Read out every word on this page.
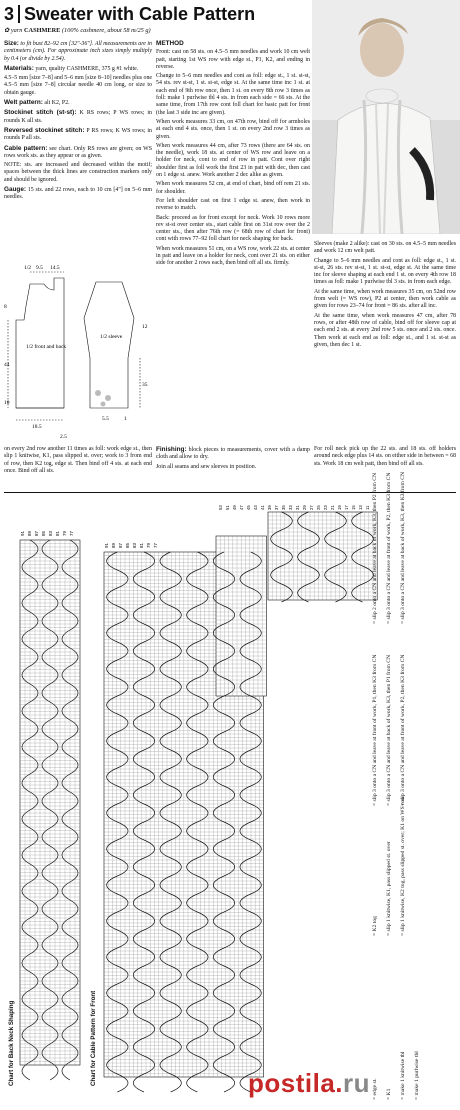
3 Sweater with Cable Pattern
✿ yarn CASHMERE (100% cashmere, about 58 m/25 g)

Size: to fit bust 82–92 cm [32"-36"]. All measurements are in centimeters (cm). For approximate inch sizes simply multiply by 0.4 (or divide by 2.54).

Materials: yarn, quality CASHMERE, 375 g #1 white.

4.5–5 mm [size 7–8] and 5–6 mm [size 8–10] needles plus one 4.5–5 mm [size 7–8] circular needle 40 cm long, or size to obtain gauge.

Welt pattern: alt K2, P2.

Stockinet stitch (st-st): K RS rows; P WS rows; in rounds K all sts.

Reversed stockinet stitch: P RS rows; K WS rows; in rounds P all sts.

Cable pattern: see chart. Only RS rows are given; on WS rows work sts. as they appear or as given.

NOTE: sts. are increased and decreased within the motif; spaces between the thick lines are construction markers only and should be ignored.

Gauge: 15 sts. and 22 rows, each to 10 cm [4"] on 5–6 mm needles.

METHOD

Front: cast on 58 sts. on 4.5–5 mm needles and work 10 cm welt patt, starting 1st WS row with edge st., P1, K2, and ending in reverse.

Change to 5–6 mm needles and cont as foll: edge st., 1 st. st-st, 54 sts. rev st-st, 1 st. st-st, edge st. At the same time inc 1 st. at each end of 9th row once, then 1 st. on every 8th row 3 times as foll: make 1 purlwise tbl 4 sts. in from each side = 66 sts. At the same time, from 17th row cont foll chart for basic patt for front (the last 3 side inc are given).

When work measures 33 cm, on 47th row, bind off for armholes at each end 4 sts. once, then 1 st. on every 2nd row 3 times as given.

When work measures 44 cm, after 73 rows (there are 64 sts. on the needle), work 18 sts. at center of WS row and leave on a holder for neck, cont to end of row in patt. Cont over right shoulder first as foll work the first 23 in patt with dec, then cast on 1 edge st. anew. Work another 2 dec alike as given.

When work measures 52 cm, at end of chart, bind off rem 21 sts. for shoulder.

For left shoulder cast on first 1 edge st. anew, then work in reverse to match.

Back: proceed as for front except for neck. Work 10 rows more rev st-st over center sts., start cable first on 31st row over the 2 center sts., then after 76th row (= 68th row of chart for front) cont with rows 77–92 foll chart for neck shaping for back.

When work measures 51 cm, on a WS row, work 22 sts. at center in patt and leave on a holder for neck, cont over 21 sts. on either side for another 2 rows each, then bind off all sts. firmly.

Sleeves (make 2 alike): cast on 30 sts. on 4.5–5 mm needles and work 12 cm welt patt.

Change to 5–6 mm needles and cont as foll: edge st., 1 st. st-st, 26 sts. rev st-st, 1 st. st-st, edge st. At the same time inc for sleeve shaping at each end 1 st. on every 4th row 18 times as foll: make 1 purlwise tbl 3 sts. in from each edge.

At the same time, when work measures 35 cm, on 52nd row from welt (= WS row), P2 at center, then work cable as given for rows 23–74 for front = 86 sts. after all inc.

At the same time, when work measures 47 cm, after 78 rows, or after 48th row of cable, bind off for sleeve cap at each end 2 sts. at every 2nd row 5 sts. once and 2 sts. once. Then work at each end as foll: edge st., and 1 st. st-st as given, then dec 1 st.

1/2 9.5 14.5
1/2 front and back
1/2 sleeve
8
44
10
12
35
18.5
2.5
5.5	1

on every 2nd row another 11 times as foll: work edge st., then slip 1 knitwise, K1, pass slipped st. over; work to 3 from end of row, then K2 tog, edge st. Then bind off 4 sts. at each end once. Bind off all sts.

Finishing: block pieces to measurements, cover with a damp cloth and allow to dry.

Join all seams and sew sleeves in position.

For roll neck pick up the 22 sts. and 18 sts. off holders around neck edge plus 14 sts. on either side in between = 68 sts. Work 18 cm welt patt, then bind off all sts.

91 89 87 85 83 81 79 77
91 89 87 85 83 81 79 77
53 51 49 47 45 43 41 39 37 35 33 31 29 27 25 23 21 19 17 15 13 11
Chart for Back Neck Shaping	Chart for Cable Pattern for Front
= slip 2 onto a CN and leave at back of work, K3, then P2 from CN = slip 3 onto a CN and leave at front of work, P2, then K3 from CN = slip 3 onto a CN and leave at back of work, K3, then K3 from CN
= slip 3 onto a CN and leave at front of work, P1, then K3 from CN = slip 3 onto a CN and leave at back of work, K3, then P1 from CN = slip 3 onto a CN and leave at front of work, P2, then K3 from CN
= K2 tog = slip 1 knitwise, K1, pass slipped st. over = slip 1 knitwise, K2 tog, pass slipped st. over; K1 on WS row
= edge st. = K1 = make 1 knitwise tbl = make 1 purlwise tbl
postila.ru
